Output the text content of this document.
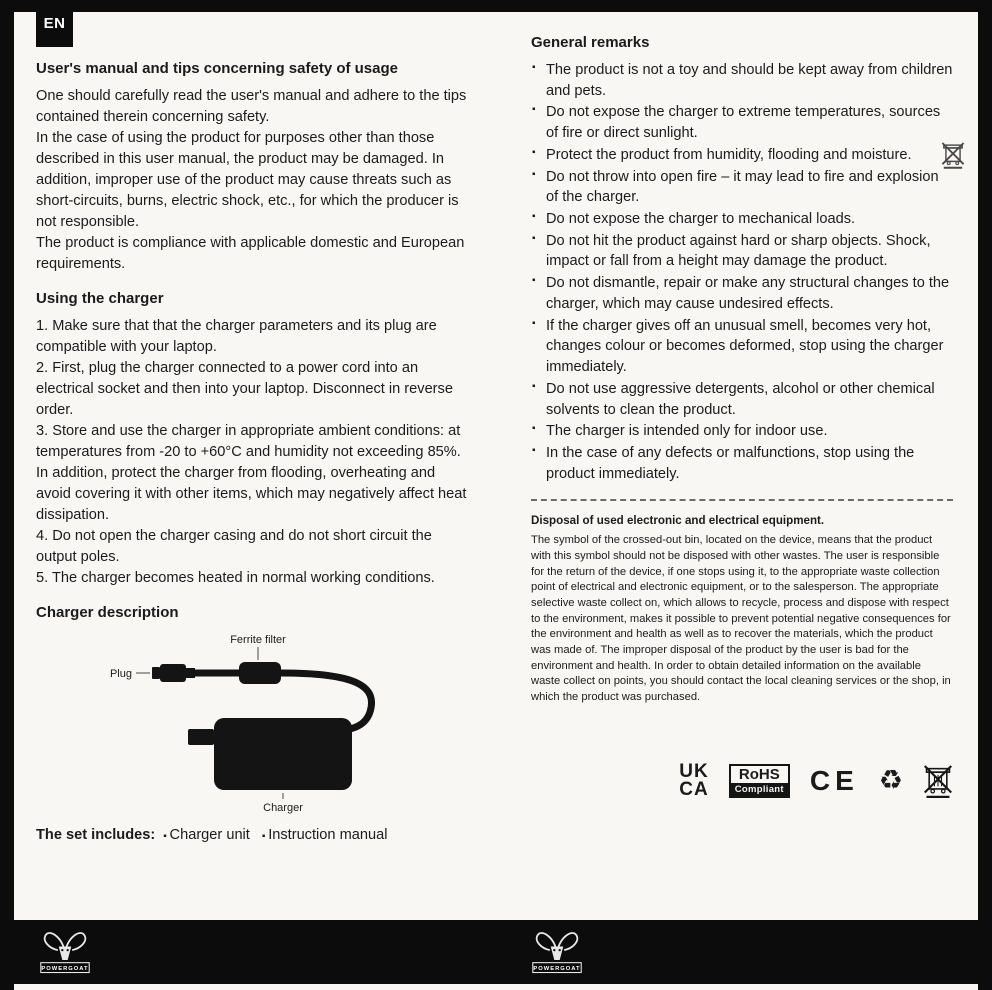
EN
User's manual and tips concerning safety of usage

One should carefully read the user's manual and adhere to the tips contained therein concerning safety.

In the case of using the product for purposes other than those described in this user manual, the product may be damaged. In addition, improper use of the product may cause threats such as short-circuits, burns, electric shock, etc., for which the producer is not responsible.

The product is compliance with applicable domestic and European requirements.

Using the charger

1. Make sure that that the charger parameters and its plug are compatible with your laptop.

2. First, plug the charger connected to a power cord into an electrical socket and then into your laptop. Disconnect in reverse order.

3. Store and use the charger in appropriate ambient conditions: at temperatures from -20 to +60°C and humidity not exceeding 85%. In addition, protect the charger from flooding, overheating and avoid covering it with other items, which may negatively affect heat dissipation.

4. Do not open the charger casing and do not short circuit the output poles.

5. The charger becomes heated in normal working conditions.

Charger description
Ferrite filter
Plug
Charger
The set includes: ▪ Charger unit ▪ Instruction manual
General remarks
▪ The product is not a toy and should be kept away from children and pets.
▪ Do not expose the charger to extreme temperatures, sources of fire or direct sunlight.
▪ Protect the product from humidity, flooding and moisture.
▪ Do not throw into open fire – it may lead to fire and explosion of the charger.
▪ Do not expose the charger to mechanical loads.
▪ Do not hit the product against hard or sharp objects. Shock, impact or fall from a height may damage the product.
▪ Do not dismantle, repair or make any structural changes to the charger, which may cause undesired effects.
▪ If the charger gives off an unusual smell, becomes very hot, changes colour or becomes deformed, stop using the charger immediately.
▪ Do not use aggressive detergents, alcohol or other chemical solvents to clean the product.
▪ The charger is intended only for indoor use.
▪ In the case of any defects or malfunctions, stop using the product immediately.
Disposal of used electronic and electrical equipment.
The symbol of the crossed-out bin, located on the device, means that the product with this symbol should not be disposed with other wastes. The user is responsible for the return of the device, if one stops using it, to the appropriate waste collection point of electrical and electronic equipment, or to the salesperson. The appropriate selective waste collect on, which allows to recycle, process and dispose with respect to the environment, makes it possible to prevent potential negative consequences for the environment and health as well as to recover the materials, which the product was made of. The improper disposal of the product by the user is bad for the environment and health. In order to obtain detailed information on the available waste collect on points, you should contact the local cleaning services or the shop, in which the product was purchased.
UK
CA
RoHS
Compliant CE ♻
POWERGOAT	POWERGOAT
